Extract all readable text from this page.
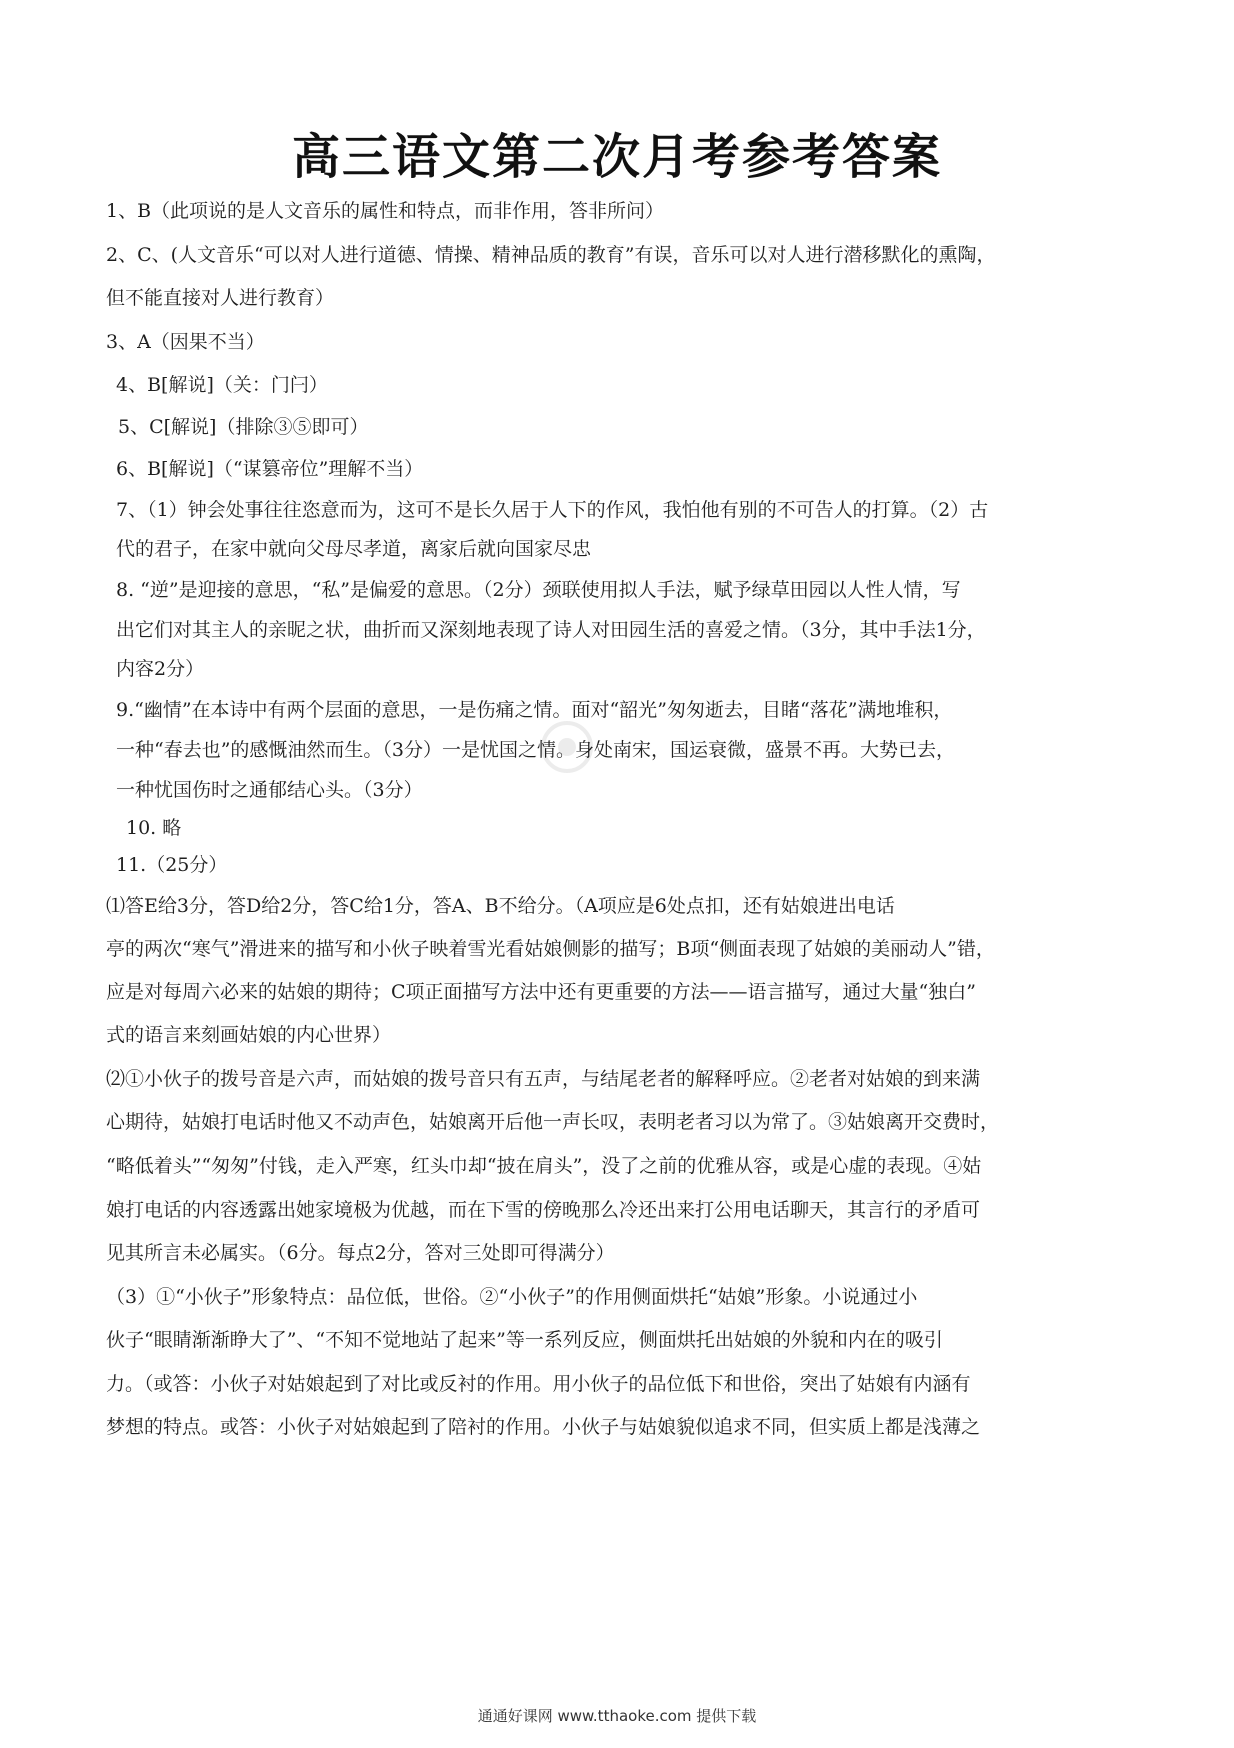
高三语文第二次月考参考答案
1、B（此项说的是人文音乐的属性和特点，而非作用，答非所问）
2、C、(人文音乐“可以对人进行道德、情操、精神品质的教育”有误，音乐可以对人进行潜移默化的熏陶，
但不能直接对人进行教育）
3、A（因果不当）
4、B[解说]（关：门闩）
5、C[解说]（排除③⑤即可）
6、B[解说]（“谋篡帝位”理解不当）
7、（1）钟会处事往往恣意而为，这可不是长久居于人下的作风，我怕他有别的不可告人的打算。（2）古
代的君子，在家中就向父母尽孝道，离家后就向国家尽忠
8. “逆”是迎接的意思，“私”是偏爱的意思。（2分）颈联使用拟人手法，赋予绿草田园以人性人情，写
出它们对其主人的亲昵之状，曲折而又深刻地表现了诗人对田园生活的喜爱之情。（3分，其中手法1分，
内容2分）
9.“幽情”在本诗中有两个层面的意思，一是伤痛之情。面对“韶光”匆匆逝去，目睹“落花”满地堆积，
一种“春去也”的感慨油然而生。（3分）一是忧国之情。身处南宋，国运衰微，盛景不再。大势已去，
一种忧国伤时之通郁结心头。（3分）
10. 略
11.（25分）
⑴答E给3分，答D给2分，答C给1分，答A、B不给分。（A项应是6处点扣，还有姑娘进出电话
亭的两次“寒气”滑进来的描写和小伙子映着雪光看姑娘侧影的描写；B项“侧面表现了姑娘的美丽动人”错，
应是对每周六必来的姑娘的期待；C项正面描写方法中还有更重要的方法——语言描写，通过大量“独白”
式的语言来刻画姑娘的内心世界）
⑵①小伙子的拨号音是六声，而姑娘的拨号音只有五声，与结尾老者的解释呼应。②老者对姑娘的到来满
心期待，姑娘打电话时他又不动声色，姑娘离开后他一声长叹，表明老者习以为常了。③姑娘离开交费时，
“略低着头”“匆匆”付钱，走入严寒，红头巾却“披在肩头”，没了之前的优雅从容，或是心虚的表现。④姑
娘打电话的内容透露出她家境极为优越，而在下雪的傍晚那么冷还出来打公用电话聊天，其言行的矛盾可
见其所言未必属实。（6分。每点2分，答对三处即可得满分）
（3）①“小伙子”形象特点：品位低，世俗。②“小伙子”的作用侧面烘托“姑娘”形象。小说通过小
伙子“眼睛渐渐睁大了”、“不知不觉地站了起来”等一系列反应，侧面烘托出姑娘的外貌和内在的吸引
力。（或答：小伙子对姑娘起到了对比或反衬的作用。用小伙子的品位低下和世俗，突出了姑娘有内涵有
梦想的特点。或答：小伙子对姑娘起到了陪衬的作用。小伙子与姑娘貌似追求不同，但实质上都是浅薄之
通通好课网 www.tthaoke.com 提供下载
